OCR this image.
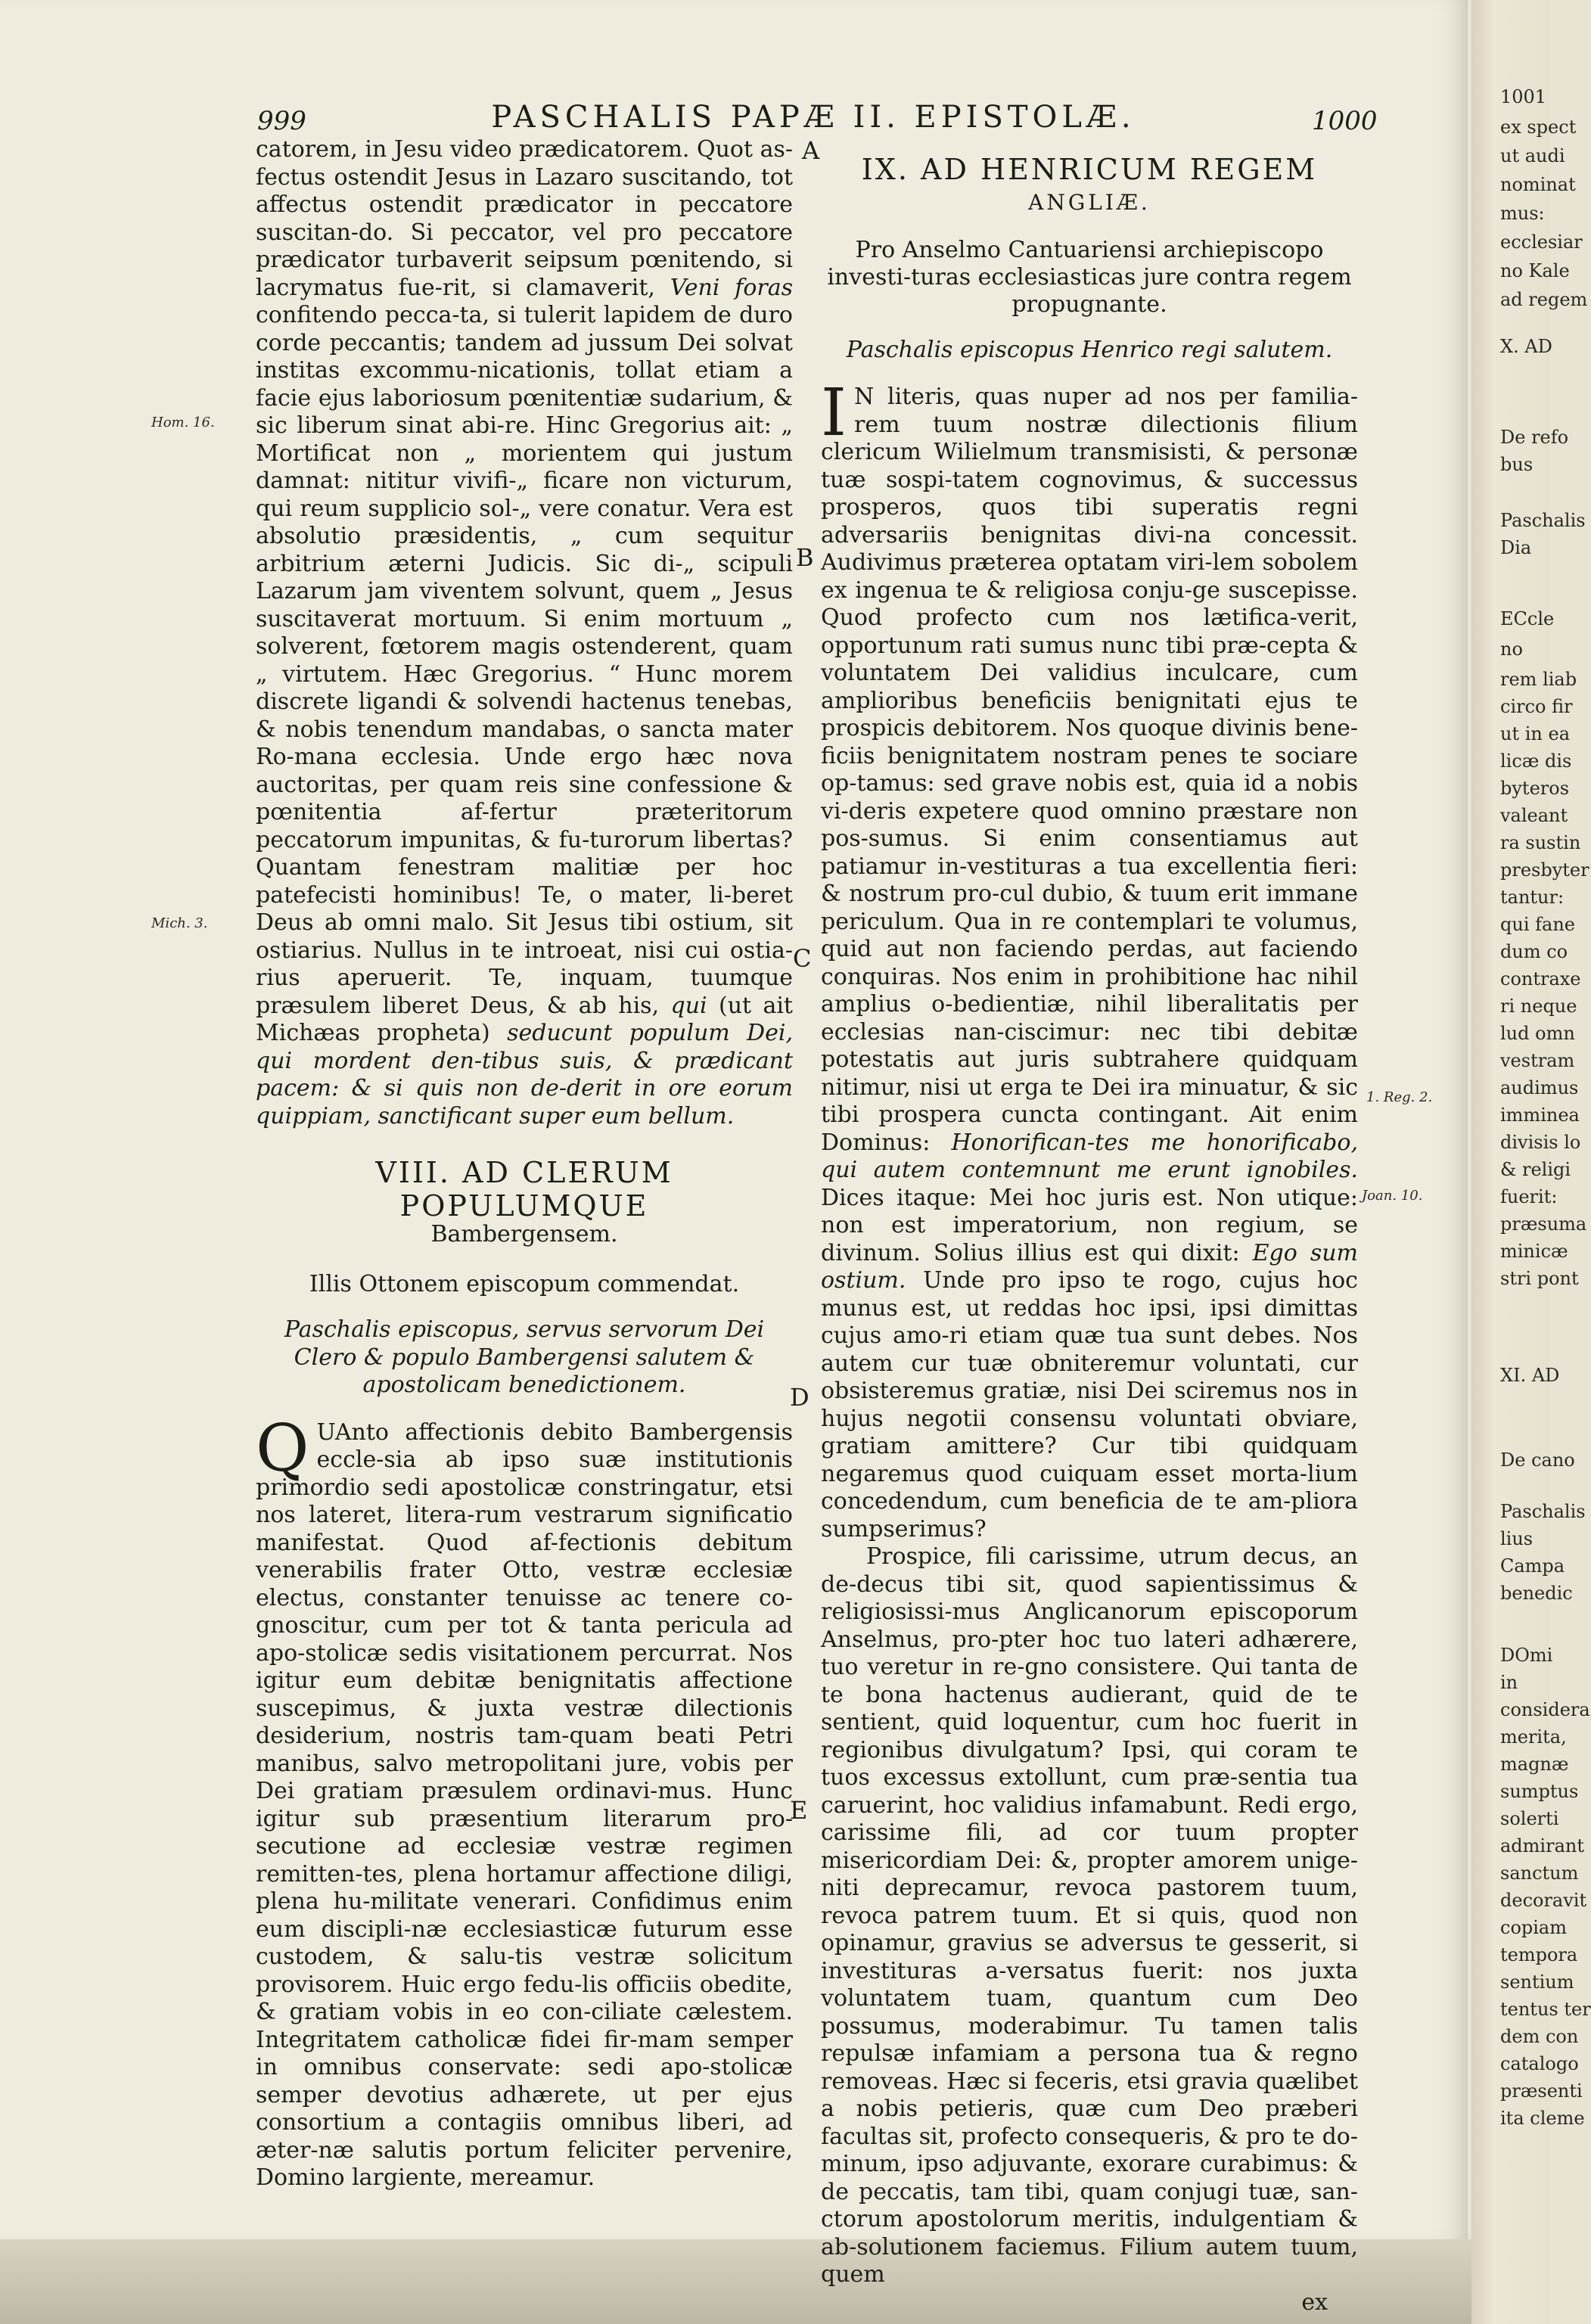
1001
ex spect
ut audi
nominat
mus:
ecclesiar
no Kale
ad regem
X. AD
De refo
bus
Paschalis
Dia
ECcle
no
rem liab
circo fir
ut in ea
licæ dis
byteros
valeant
ra sustin
presbyter
tantur:
qui fane
dum co
contraxe
ri neque
lud omn
vestram
audimus
imminea
divisis lo
& religi
fuerit:
præsuma
minicæ
stri pont
XI. AD
De cano
Paschalis
lius
Campa
benedic
DOmi
in
considera
merita,
magnæ
sumptus
solerti
admirant
sanctum
decoravit
copiam
tempora
sentium
tentus ter
dem con
catalogo
præsenti
ita cleme
999	PASCHALIS PAPÆ II. EPISTOLÆ.	1000
Hom. 16.
Mich. 3.
1. Reg. 2.
Joan. 10.
A
B
C
D
E

catorem, in Jesu video prædicatorem. Quot as-fectus ostendit Jesus in Lazaro suscitando, tot affectus ostendit prædicator in peccatore suscitan-do. Si peccator, vel pro peccatore prædicator turbaverit seipsum pœnitendo, si lacrymatus fue-rit, si clamaverit, Veni foras confitendo pecca-ta, si tulerit lapidem de duro corde peccantis; tandem ad jussum Dei solvat institas excommu-nicationis, tollat etiam a facie ejus laboriosum pœnitentiæ sudarium, & sic liberum sinat abi-re. Hinc Gregorius ait: „ Mortificat non „ morientem qui justum damnat: nititur vivifi-„ ficare non victurum, qui reum supplicio sol-„ vere conatur. Vera est absolutio præsidentis, „ cum sequitur arbitrium æterni Judicis. Sic di-„ scipuli Lazarum jam viventem solvunt, quem „ Jesus suscitaverat mortuum. Si enim mortuum „ solverent, fœtorem magis ostenderent, quam „ virtutem. Hæc Gregorius. “ Hunc morem discrete ligandi & solvendi hactenus tenebas, & nobis tenendum mandabas, o sancta mater Ro-mana ecclesia. Unde ergo hæc nova auctoritas, per quam reis sine confessione & pœnitentia af-fertur præteritorum peccatorum impunitas, & fu-turorum libertas? Quantam fenestram malitiæ per hoc patefecisti hominibus! Te, o mater, li-beret Deus ab omni malo. Sit Jesus tibi ostium, sit ostiarius. Nullus in te introeat, nisi cui ostia-rius aperuerit. Te, inquam, tuumque præsulem liberet Deus, & ab his, qui (ut ait Michæas propheta) seducunt populum Dei, qui mordent den-tibus suis, & prædicant pacem: & si quis non de-derit in ore eorum quippiam, sanctificant super eum bellum.

VIII. AD CLERUM POPULUMQUE
Bambergensem.
Illis Ottonem episcopum commendat.
Paschalis episcopus, servus servorum Dei Clero & populo Bambergensi salutem & apostolicam benedictionem.

Q UAnto affectionis debito Bambergensis eccle-sia ab ipso suæ institutionis primordio sedi apostolicæ constringatur, etsi nos lateret, litera-rum vestrarum significatio manifestat. Quod af-fectionis debitum venerabilis frater Otto, vestræ ecclesiæ electus, constanter tenuisse ac tenere co-gnoscitur, cum per tot & tanta pericula ad apo-stolicæ sedis visitationem percurrat. Nos igitur eum debitæ benignitatis affectione suscepimus, & juxta vestræ dilectionis desiderium, nostris tam-quam beati Petri manibus, salvo metropolitani jure, vobis per Dei gratiam præsulem ordinavi-mus. Hunc igitur sub præsentium literarum pro-secutione ad ecclesiæ vestræ regimen remitten-tes, plena hortamur affectione diligi, plena hu-militate venerari. Confidimus enim eum discipli-næ ecclesiasticæ futurum esse custodem, & salu-tis vestræ solicitum provisorem. Huic ergo fedu-lis officiis obedite, & gratiam vobis in eo con-ciliate cælestem. Integritatem catholicæ fidei fir-mam semper in omnibus conservate: sedi apo-stolicæ semper devotius adhærete, ut per ejus consortium a contagiis omnibus liberi, ad æter-næ salutis portum feliciter pervenire, Domino largiente, mereamur.

IX. AD HENRICUM REGEM
ANGLIÆ.
Pro Anselmo Cantuariensi archiepiscopo investi-turas ecclesiasticas jure contra regem propugnante.
Paschalis episcopus Henrico regi salutem.

I N literis, quas nuper ad nos per familia-rem tuum nostræ dilectionis filium clericum Wilielmum transmisisti, & personæ tuæ sospi-tatem cognovimus, & successus prosperos, quos tibi superatis regni adversariis benignitas divi-na concessit. Audivimus præterea optatam viri-lem sobolem ex ingenua te & religiosa conju-ge suscepisse. Quod profecto cum nos lætifica-verit, opportunum rati sumus nunc tibi præ-cepta & voluntatem Dei validius inculcare, cum amplioribus beneficiis benignitati ejus te prospicis debitorem. Nos quoque divinis bene-ficiis benignitatem nostram penes te sociare op-tamus: sed grave nobis est, quia id a nobis vi-deris expetere quod omnino præstare non pos-sumus. Si enim consentiamus aut patiamur in-vestituras a tua excellentia fieri: & nostrum pro-cul dubio, & tuum erit immane periculum. Qua in re contemplari te volumus, quid aut non faciendo perdas, aut faciendo conquiras. Nos enim in prohibitione hac nihil amplius o-bedientiæ, nihil liberalitatis per ecclesias nan-ciscimur: nec tibi debitæ potestatis aut juris subtrahere quidquam nitimur, nisi ut erga te Dei ira minuatur, & sic tibi prospera cuncta contingant. Ait enim Dominus: Honorifican-tes me honorificabo, qui autem contemnunt me erunt ignobiles. Dices itaque: Mei hoc juris est. Non utique: non est imperatorium, non regium, se divinum. Solius illius est qui dixit: Ego sum ostium. Unde pro ipso te rogo, cujus hoc munus est, ut reddas hoc ipsi, ipsi dimittas cujus amo-ri etiam quæ tua sunt debes. Nos autem cur tuæ obniteremur voluntati, cur obsisteremus gratiæ, nisi Dei sciremus nos in hujus negotii consensu voluntati obviare, gratiam amittere? Cur tibi quidquam negaremus quod cuiquam esset morta-lium concedendum, cum beneficia de te am-pliora sumpserimus?

Prospice, fili carissime, utrum decus, an de-decus tibi sit, quod sapientissimus & religiosissi-mus Anglicanorum episcoporum Anselmus, pro-pter hoc tuo lateri adhærere, tuo veretur in re-gno consistere. Qui tanta de te bona hactenus audierant, quid de te sentient, quid loquentur, cum hoc fuerit in regionibus divulgatum? Ipsi, qui coram te tuos excessus extollunt, cum præ-sentia tua caruerint, hoc validius infamabunt. Redi ergo, carissime fili, ad cor tuum propter misericordiam Dei: &, propter amorem unige-niti deprecamur, revoca pastorem tuum, revoca patrem tuum. Et si quis, quod non opinamur, gravius se adversus te gesserit, si investituras a-versatus fuerit: nos juxta voluntatem tuam, quantum cum Deo possumus, moderabimur. Tu tamen talis repulsæ infamiam a persona tua & regno removeas. Hæc si feceris, etsi gravia quælibet a nobis petieris, quæ cum Deo præberi facultas sit, profecto consequeris, & pro te do-minum, ipso adjuvante, exorare curabimus: & de peccatis, tam tibi, quam conjugi tuæ, san-ctorum apostolorum meritis, indulgentiam & ab-solutionem faciemus. Filium autem tuum, quem

ex
